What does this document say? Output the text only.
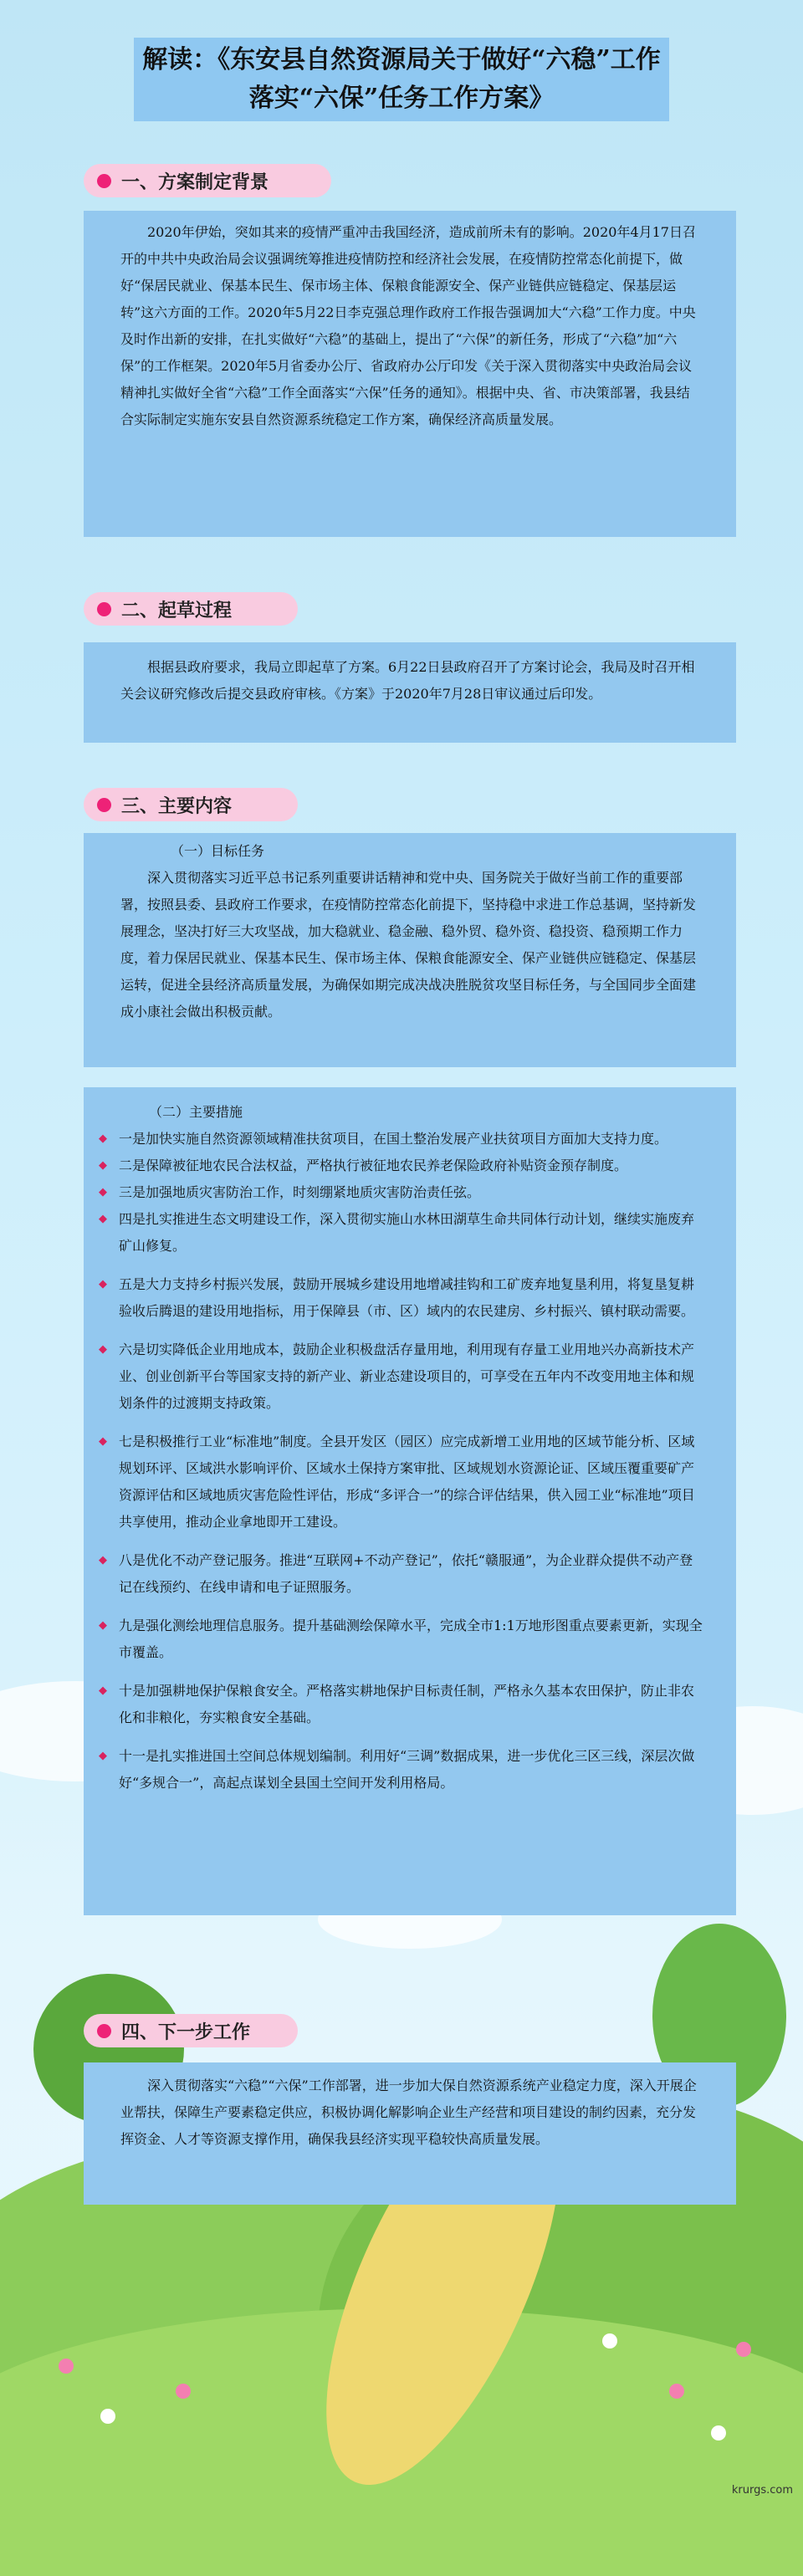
解读：《东安县自然资源局关于做好“六稳”工作
落实“六保”任务工作方案》
一、方案制定背景

2020年伊始，突如其来的疫情严重冲击我国经济，造成前所未有的影响。2020年4月17日召开的中共中央政治局会议强调统筹推进疫情防控和经济社会发展，在疫情防控常态化前提下，做好“保居民就业、保基本民生、保市场主体、保粮食能源安全、保产业链供应链稳定、保基层运转”这六方面的工作。2020年5月22日李克强总理作政府工作报告强调加大“六稳”工作力度。中央及时作出新的安排，在扎实做好“六稳”的基础上，提出了“六保”的新任务，形成了“六稳”加“六保”的工作框架。2020年5月省委办公厅、省政府办公厅印发《关于深入贯彻落实中央政治局会议精神扎实做好全省“六稳”工作全面落实“六保”任务的通知》。根据中央、省、市决策部署，我县结合实际制定实施东安县自然资源系统稳定工作方案，确保经济高质量发展。

二、起草过程

根据县政府要求，我局立即起草了方案。6月22日县政府召开了方案讨论会，我局及时召开相关会议研究修改后提交县政府审核。《方案》于2020年7月28日审议通过后印发。

三、主要内容

（一）目标任务

深入贯彻落实习近平总书记系列重要讲话精神和党中央、国务院关于做好当前工作的重要部署，按照县委、县政府工作要求，在疫情防控常态化前提下，坚持稳中求进工作总基调，坚持新发展理念，坚决打好三大攻坚战，加大稳就业、稳金融、稳外贸、稳外资、稳投资、稳预期工作力度，着力保居民就业、保基本民生、保市场主体、保粮食能源安全、保产业链供应链稳定、保基层运转，促进全县经济高质量发展，为确保如期完成决战决胜脱贫攻坚目标任务，与全国同步全面建成小康社会做出积极贡献。

（二）主要措施

◆ 一是加快实施自然资源领域精准扶贫项目，在国土整治发展产业扶贫项目方面加大支持力度。
◆ 二是保障被征地农民合法权益，严格执行被征地农民养老保险政府补贴资金预存制度。
◆ 三是加强地质灾害防治工作，时刻绷紧地质灾害防治责任弦。
◆ 四是扎实推进生态文明建设工作，深入贯彻实施山水林田湖草生命共同体行动计划，继续实施废弃矿山修复。
◆ 五是大力支持乡村振兴发展，鼓励开展城乡建设用地增减挂钩和工矿废弃地复垦利用，将复垦复耕验收后腾退的建设用地指标，用于保障县（市、区）域内的农民建房、乡村振兴、镇村联动需要。
◆ 六是切实降低企业用地成本，鼓励企业积极盘活存量用地，利用现有存量工业用地兴办高新技术产业、创业创新平台等国家支持的新产业、新业态建设项目的，可享受在五年内不改变用地主体和规划条件的过渡期支持政策。
◆ 七是积极推行工业“标准地”制度。全县开发区（园区）应完成新增工业用地的区域节能分析、区域规划环评、区域洪水影响评价、区域水土保持方案审批、区域规划水资源论证、区域压覆重要矿产资源评估和区域地质灾害危险性评估，形成“多评合一”的综合评估结果，供入园工业“标准地”项目共享使用，推动企业拿地即开工建设。
◆ 八是优化不动产登记服务。推进“互联网+不动产登记”，依托“赣服通”，为企业群众提供不动产登记在线预约、在线申请和电子证照服务。
◆ 九是强化测绘地理信息服务。提升基础测绘保障水平，完成全市1:1万地形图重点要素更新，实现全市覆盖。
◆ 十是加强耕地保护保粮食安全。严格落实耕地保护目标责任制，严格永久基本农田保护，防止非农化和非粮化，夯实粮食安全基础。
◆ 十一是扎实推进国土空间总体规划编制。利用好“三调”数据成果，进一步优化三区三线，深层次做好“多规合一”，高起点谋划全县国土空间开发利用格局。
四、下一步工作

深入贯彻落实“六稳”“六保”工作部署，进一步加大保自然资源系统产业稳定力度，深入开展企业帮扶，保障生产要素稳定供应，积极协调化解影响企业生产经营和项目建设的制约因素，充分发挥资金、人才等资源支撑作用，确保我县经济实现平稳较快高质量发展。

krurgs.com
